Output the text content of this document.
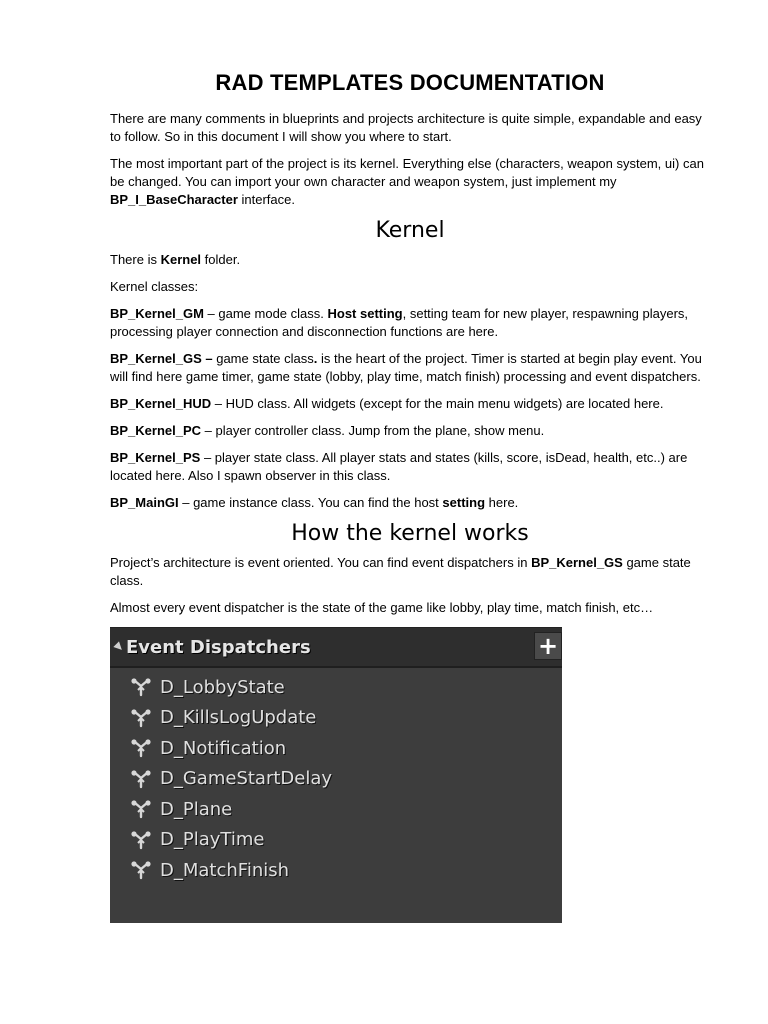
RAD TEMPLATES DOCUMENTATION

There are many comments in blueprints and projects architecture is quite simple, expandable and easy to follow. So in this document I will show you where to start.

The most important part of the project is its kernel. Everything else (characters, weapon system, ui) can be changed. You can import your own character and weapon system, just implement my BP_I_BaseCharacter interface.

Kernel

There is Kernel folder.

Kernel classes:

BP_Kernel_GM – game mode class. Host setting, setting team for new player, respawning players, processing player connection and disconnection functions are here.

BP_Kernel_GS – game state class. is the heart of the project. Timer is started at begin play event. You will find here game timer, game state (lobby, play time, match finish) processing and event dispatchers.

BP_Kernel_HUD – HUD class. All widgets (except for the main menu widgets) are located here.

BP_Kernel_PC – player controller class. Jump from the plane, show menu.

BP_Kernel_PS – player state class. All player stats and states (kills, score, isDead, health, etc..) are located here. Also I spawn observer in this class.

BP_MainGI – game instance class. You can find the host setting here.

How the kernel works

Project’s architecture is event oriented. You can find event dispatchers in BP_Kernel_GS game state class.

Almost every event dispatcher is the state of the game like lobby, play time, match finish, etc…

Event Dispatchers	+
D_LobbyState
D_KillsLogUpdate
D_Notification
D_GameStartDelay
D_Plane
D_PlayTime
D_MatchFinish
